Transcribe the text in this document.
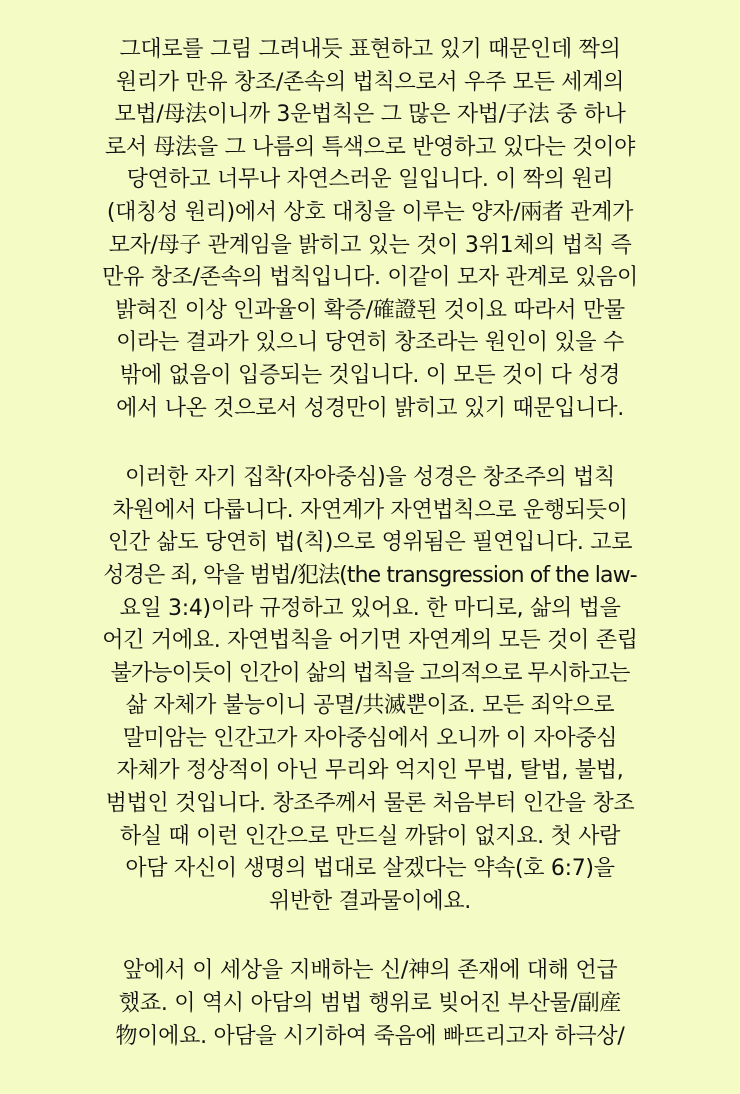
그대로를 그림 그려내듯 표현하고 있기 때문인데 짝의
원리가 만유 창조/존속의 법칙으로서 우주 모든 세계의
모법/母法이니까 3운법칙은 그 많은 자법/子法 중 하나
로서 母法을 그 나름의 특색으로 반영하고 있다는 것이야
당연하고 너무나 자연스러운 일입니다. 이 짝의 원리
(대칭성 원리)에서 상호 대칭을 이루는 양자/兩者 관계가
모자/母子 관계임을 밝히고 있는 것이 3위1체의 법칙 즉
만유 창조/존속의 법칙입니다. 이같이 모자 관계로 있음이
밝혀진 이상 인과율이 확증/確證된 것이요 따라서 만물
이라는 결과가 있으니 당연히 창조라는 원인이 있을 수
밖에 없음이 입증되는 것입니다. 이 모든 것이 다 성경
에서 나온 것으로서 성경만이 밝히고 있기 때문입니다.
이러한 자기 집착(자아중심)을 성경은 창조주의 법칙
차원에서 다룹니다. 자연계가 자연법칙으로 운행되듯이
인간 삶도 당연히 법(칙)으로 영위됨은 필연입니다. 고로
성경은 죄, 악을 범법/犯法(the transgression of the law-
요일 3:4)이라 규정하고 있어요. 한 마디로, 삶의 법을
어긴 거에요. 자연법칙을 어기면 자연계의 모든 것이 존립
불가능이듯이 인간이 삶의 법칙을 고의적으로 무시하고는
삶 자체가 불능이니 공멸/共滅뿐이죠. 모든 죄악으로
말미암는 인간고가 자아중심에서 오니까 이 자아중심
자체가 정상적이 아닌 무리와 억지인 무법, 탈법, 불법,
범법인 것입니다. 창조주께서 물론 처음부터 인간을 창조
하실 때 이런 인간으로 만드실 까닭이 없지요. 첫 사람
아담 자신이 생명의 법대로 살겠다는 약속(호 6:7)을
위반한 결과물이에요.
앞에서 이 세상을 지배하는 신/神의 존재에 대해 언급
했죠. 이 역시 아담의 범법 행위로 빚어진 부산물/副産
物이에요. 아담을 시기하여 죽음에 빠뜨리고자 하극상/
